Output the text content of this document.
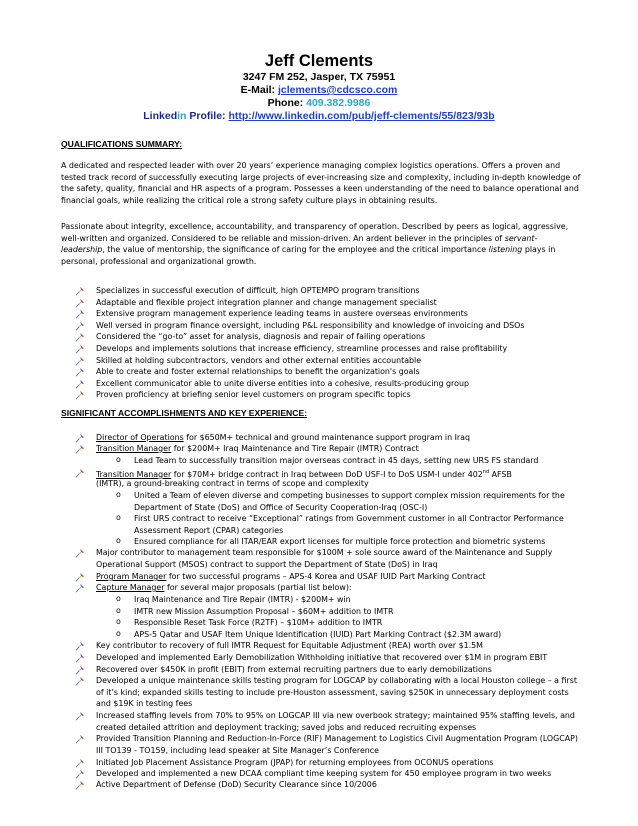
Jeff Clements
3247 FM 252, Jasper, TX 75951
E-Mail: jclements@cdcsco.com
Phone: 409.382.9986
Linkedin Profile: http://www.linkedin.com/pub/jeff-clements/55/823/93b
QUALIFICATIONS SUMMARY:
A dedicated and respected leader with over 20 years’ experience managing complex logistics operations. Offers a proven and tested track record of successfully executing large projects of ever-increasing size and complexity, including in-depth knowledge of the safety, quality, financial and HR aspects of a program. Possesses a keen understanding of the need to balance operational and financial goals, while realizing the critical role a strong safety culture plays in obtaining results.
Passionate about integrity, excellence, accountability, and transparency of operation. Described by peers as logical, aggressive, well-written and organized. Considered to be reliable and mission-driven. An ardent believer in the principles of servant-leadership, the value of mentorship, the significance of caring for the employee and the critical importance listening plays in personal, professional and organizational growth.
Specializes in successful execution of difficult, high OPTEMPO program transitions
Adaptable and flexible project integration planner and change management specialist
Extensive program management experience leading teams in austere overseas environments
Well versed in program finance oversight, including P&L responsibility and knowledge of invoicing and DSOs
Considered the “go-to” asset for analysis, diagnosis and repair of failing operations
Develops and implements solutions that increase efficiency, streamline processes and raise profitability
Skilled at holding subcontractors, vendors and other external entities accountable
Able to create and foster external relationships to benefit the organization's goals
Excellent communicator able to unite diverse entities into a cohesive, results-producing group
Proven proficiency at briefing senior level customers on program specific topics
SIGNIFICANT ACCOMPLISHMENTS AND KEY EXPERIENCE:
Director of Operations for $650M+ technical and ground maintenance support program in Iraq
Transition Manager for $200M+ Iraq Maintenance and Tire Repair (IMTR) Contract
Lead Team to successfully transition major overseas contract in 45 days, setting new URS FS standard
Transition Manager for $70M+ bridge contract in Iraq between DoD USF-I to DoS USM-I under 402nd AFSB
(IMTR), a ground-breaking contract in terms of scope and complexity
United a Team of eleven diverse and competing businesses to support complex mission requirements for the Department of State (DoS) and Office of Security Cooperation-Iraq (OSC-I)
First URS contract to receive “Exceptional” ratings from Government customer in all Contractor Performance Assessment Report (CPAR) categories
Ensured compliance for all ITAR/EAR export licenses for multiple force protection and biometric systems
Major contributor to management team responsible for $100M + sole source award of the Maintenance and Supply Operational Support (MSOS) contract to support the Department of State (DoS) in Iraq
Program Manager for two successful programs – APS-4 Korea and USAF IUID Part Marking Contract
Capture Manager for several major proposals (partial list below):
Iraq Maintenance and Tire Repair (IMTR) - $200M+ win
IMTR new Mission Assumption Proposal – $60M+ addition to IMTR
Responsible Reset Task Force (R2TF) – $10M+ addition to IMTR
APS-5 Qatar and USAF Item Unique Identification (IUID) Part Marking Contract ($2.3M award)
Key contributor to recovery of full IMTR Request for Equitable Adjustment (REA) worth over $1.5M
Developed and implemented Early Demobilization Withholding initiative that recovered over $1M in program EBIT
Recovered over $450K in profit (EBIT) from external recruiting partners due to early demobilizations
Developed a unique maintenance skills testing program for LOGCAP by collaborating with a local Houston college – a first of it’s kind; expanded skills testing to include pre-Houston assessment, saving $250K in unnecessary deployment costs and $19K in testing fees
Increased staffing levels from 70% to 95% on LOGCAP III via new overbook strategy; maintained 95% staffing levels, and created detailed attrition and deployment tracking; saved jobs and reduced recruiting expenses
Provided Transition Planning and Reduction-In-Force (RIF) Management to Logistics Civil Augmentation Program (LOGCAP) III TO139 - TO159, including lead speaker at Site Manager’s Conference
Initiated Job Placement Assistance Program (JPAP) for returning employees from OCONUS operations
Developed and implemented a new DCAA compliant time keeping system for 450 employee program in two weeks
Active Department of Defense (DoD) Security Clearance since 10/2006
o
o
o
o
o
o
o
o
